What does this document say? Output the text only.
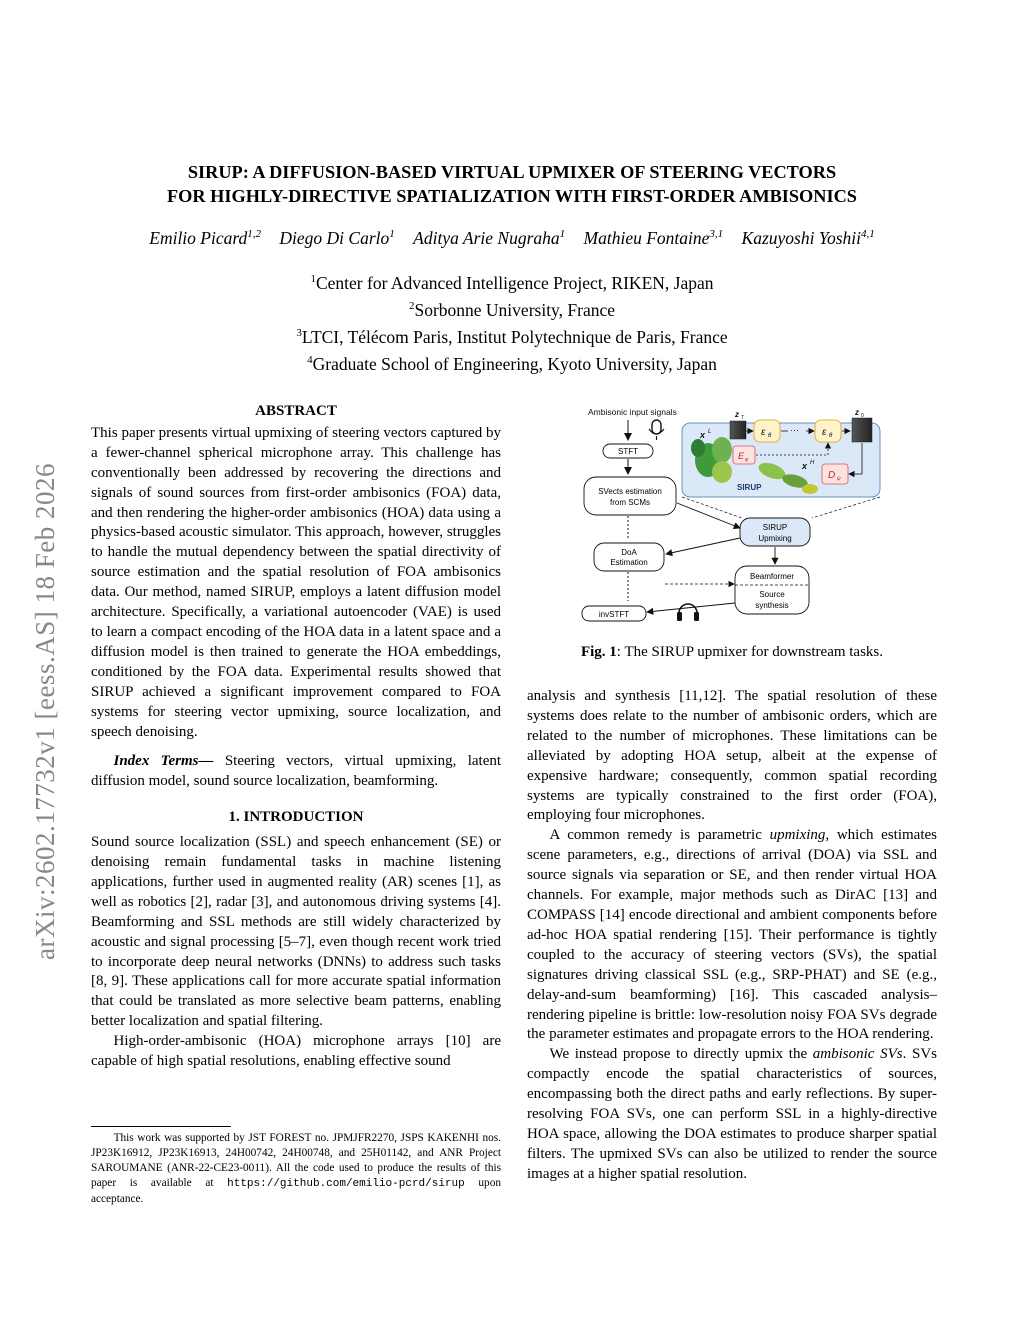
arXiv:2602.17732v1 [eess.AS] 18 Feb 2026
SIRUP: A DIFFUSION-BASED VIRTUAL UPMIXER OF STEERING VECTORS
FOR HIGHLY-DIRECTIVE SPATIALIZATION WITH FIRST-ORDER AMBISONICS
Emilio Picard$^{1,2}$ Diego Di Carlo$^1$ Aditya Arie Nugraha$^1$ Mathieu Fontaine$^{3,1}$ Kazuyoshi Yoshii$^{4,1}$
$^1$Center for Advanced Intelligence Project, RIKEN, Japan
$^2$Sorbonne University, France
$^3$LTCI, Télécom Paris, Institut Polytechnique de Paris, France
$^4$Graduate School of Engineering, Kyoto University, Japan
ABSTRACT

This paper presents virtual upmixing of steering vectors captured by a fewer-channel spherical microphone array. This challenge has conventionally been addressed by recovering the directions and signals of sound sources from first-order ambisonics (FOA) data, and then rendering the higher-order ambisonics (HOA) data using a physics-based acoustic simulator. This approach, however, struggles to handle the mutual dependency between the spatial directivity of source estimation and the spatial resolution of FOA ambisonics data. Our method, named SIRUP, employs a latent diffusion model architecture. Specifically, a variational autoencoder (VAE) is used to learn a compact encoding of the HOA data in a latent space and a diffusion model is then trained to generate the HOA embeddings, conditioned by the FOA data. Experimental results showed that SIRUP achieved a significant improvement compared to FOA systems for steering vector upmixing, source localization, and speech denoising.

Index Terms— Steering vectors, virtual upmixing, latent diffusion model, sound source localization, beamforming.

1. INTRODUCTION

Sound source localization (SSL) and speech enhancement (SE) or denoising remain fundamental tasks in machine listening applications, further used in augmented reality (AR) scenes [1], as well as robotics [2], radar [3], and autonomous driving systems [4]. Beamforming and SSL methods are still widely characterized by acoustic and signal processing [5–7], even though recent work tried to incorporate deep neural networks (DNNs) to address such tasks [8, 9]. These applications call for more accurate spatial information that could be translated as more selective beam patterns, enabling better localization and spatial filtering.

High-order-ambisonic (HOA) microphone arrays [10] are capable of high spatial resolutions, enabling effective sound

This work was supported by JST FOREST no. JPMJFR2270, JSPS KAKENHI nos. JP23K16912, JP23K16913, 24H00742, 24H00748, and 25H01142, and ANR Project SAROUMANE (ANR-22-CE23-0011). All the code used to produce the results of this paper is available at https://github.com/emilio-pcrd/sirup upon acceptance.
Ambisonic input signals
STFT
SVects estimation
from SCMs
DoA
Estimation
invSTFT
x L
x H
SIRUP
z T
ε θ
··· ε θ
z 0
E φ
D ψ
SIRUP
Upmixing
Beamformer
Source
synthesis
Fig. 1: The SIRUP upmixer for downstream tasks.

analysis and synthesis [11,12]. The spatial resolution of these systems does relate to the number of ambisonic orders, which are related to the number of microphones. These limitations can be alleviated by adopting HOA setup, albeit at the expense of expensive hardware; consequently, common spatial recording systems are typically constrained to the first order (FOA), employing four microphones.

A common remedy is parametric upmixing, which estimates scene parameters, e.g., directions of arrival (DOA) via SSL and source signals via separation or SE, and then render virtual HOA channels. For example, major methods such as DirAC [13] and COMPASS [14] encode directional and ambient components before ad-hoc HOA spatial rendering [15]. Their performance is tightly coupled to the accuracy of steering vectors (SVs), the spatial signatures driving classical SSL (e.g., SRP-PHAT) and SE (e.g., delay-and-sum beamforming) [16]. This cascaded analysis–rendering pipeline is brittle: low-resolution noisy FOA SVs degrade the parameter estimates and propagate errors to the HOA rendering.

We instead propose to directly upmix the ambisonic SVs. SVs compactly encode the spatial characteristics of sources, encompassing both the direct paths and early reflections. By super-resolving FOA SVs, one can perform SSL in a highly-directive HOA space, allowing the DOA estimates to produce sharper spatial filters. The upmixed SVs can also be utilized to render the source images at a higher spatial resolution.
